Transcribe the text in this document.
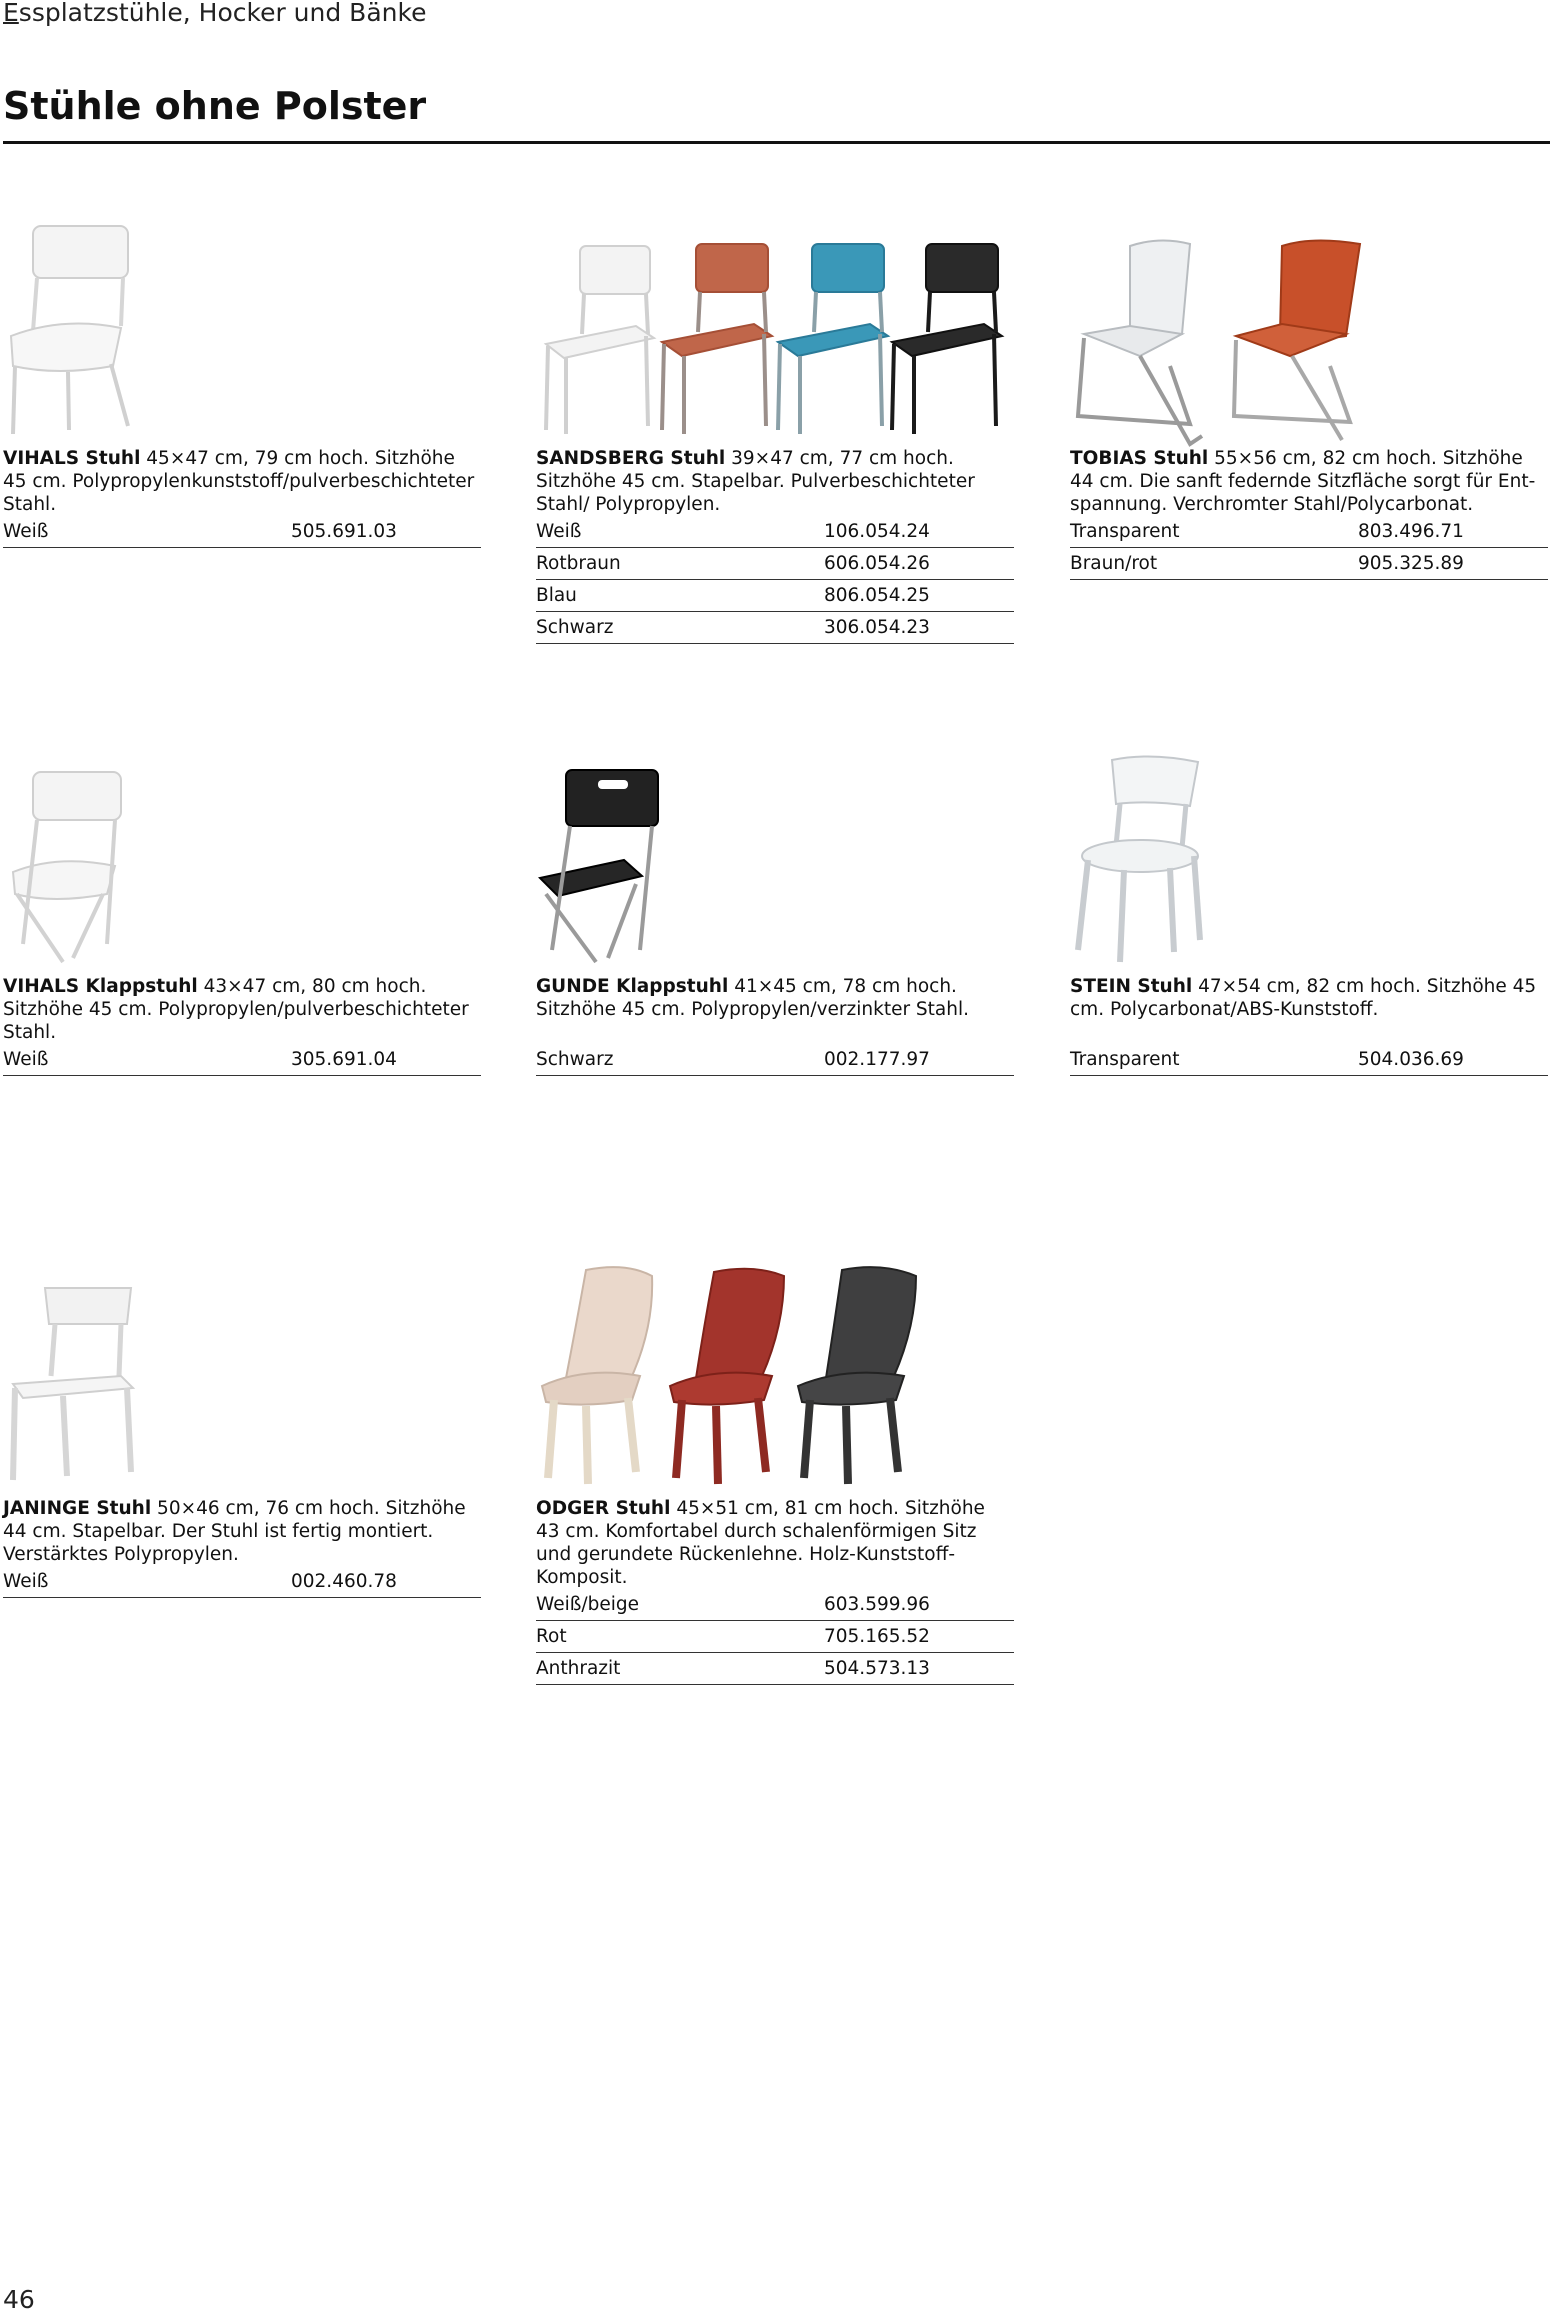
Essplatzstühle, Hocker und Bänke
Stühle ohne Polster
VIHALS Stuhl 45×47 cm, 79 cm hoch. Sitzhöhe 45 cm. Polypropylenkunststoff/pulverbeschichteter Stahl.
Weiß	505.691.03
SANDSBERG Stuhl 39×47 cm, 77 cm hoch. Sitzhöhe 45 cm. Stapelbar. Pulverbeschichteter Stahl/ Polypropylen.
Weiß	106.054.24
Rotbraun	606.054.26
Blau	806.054.25
Schwarz	306.054.23
TOBIAS Stuhl 55×56 cm, 82 cm hoch. Sitzhöhe 44 cm. Die sanft federnde Sitzfläche sorgt für Entspannung. Verchromter Stahl/Polycarbonat.
Transparent	803.496.71
Braun/rot	905.325.89
VIHALS Klappstuhl 43×47 cm, 80 cm hoch. Sitzhöhe 45 cm. Polypropylen/pulverbeschichteter Stahl.
Weiß	305.691.04
GUNDE Klappstuhl 41×45 cm, 78 cm hoch. Sitzhöhe 45 cm. Polypropylen/verzinkter Stahl.
Schwarz	002.177.97
STEIN Stuhl 47×54 cm, 82 cm hoch. Sitzhöhe 45 cm. Polycarbonat/ABS-Kunststoff.
Transparent	504.036.69
JANINGE Stuhl 50×46 cm, 76 cm hoch. Sitzhöhe 44 cm. Stapelbar. Der Stuhl ist fertig montiert. Verstärktes Polypropylen.
Weiß	002.460.78
ODGER Stuhl 45×51 cm, 81 cm hoch. Sitzhöhe 43 cm. Komfortabel durch schalenförmigen Sitz und gerundete Rückenlehne. Holz-Kunststoff-Komposit.
Weiß/beige	603.599.96
Rot	705.165.52
Anthrazit	504.573.13
46
